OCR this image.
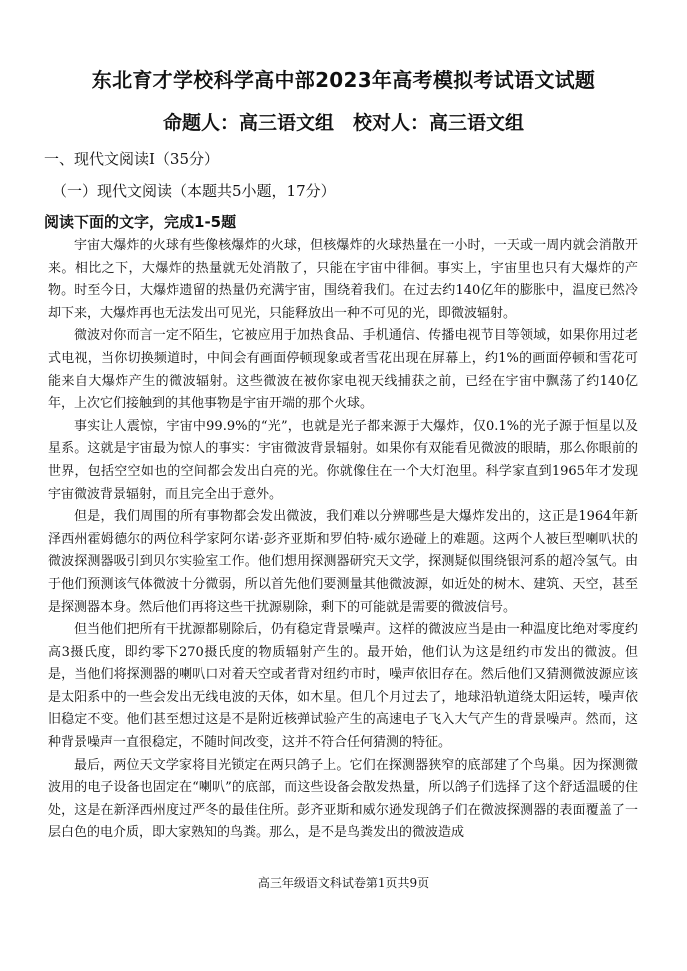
东北育才学校科学高中部2023年高考模拟考试语文试题
命题人：高三语文组　校对人：高三语文组
一、现代文阅读Ⅰ（35分）
（一）现代文阅读（本题共5小题，17分）
阅读下面的文字，完成1-5题

宇宙大爆炸的火球有些像核爆炸的火球，但核爆炸的火球热量在一小时，一天或一周内就会消散开来。相比之下，大爆炸的热量就无处消散了，只能在宇宙中徘徊。事实上，宇宙里也只有大爆炸的产物。时至今日，大爆炸遗留的热量仍充满宇宙，围绕着我们。在过去约140亿年的膨胀中，温度已然冷却下来，大爆炸再也无法发出可见光，只能释放出一种不可见的光，即微波辐射。

微波对你而言一定不陌生，它被应用于加热食品、手机通信、传播电视节目等领域，如果你用过老式电视，当你切换频道时，中间会有画面停顿现象或者雪花出现在屏幕上，约1%的画面停顿和雪花可能来自大爆炸产生的微波辐射。这些微波在被你家电视天线捕获之前，已经在宇宙中飘荡了约140亿年，上次它们接触到的其他事物是宇宙开端的那个火球。

事实让人震惊，宇宙中99.9%的“光”，也就是光子都来源于大爆炸，仅0.1%的光子源于恒星以及星系。这就是宇宙最为惊人的事实：宇宙微波背景辐射。如果你有双能看见微波的眼睛，那么你眼前的世界，包括空空如也的空间都会发出白亮的光。你就像住在一个大灯泡里。科学家直到1965年才发现宇宙微波背景辐射，而且完全出于意外。

但是，我们周围的所有事物都会发出微波，我们难以分辨哪些是大爆炸发出的，这正是1964年新泽西州霍姆德尔的两位科学家阿尔诺·彭齐亚斯和罗伯特·威尔逊碰上的难题。这两个人被巨型喇叭状的微波探测器吸引到贝尔实验室工作。他们想用探测器研究天文学，探测疑似围绕银河系的超冷氢气。由于他们预测该气体微波十分微弱，所以首先他们要测量其他微波源，如近处的树木、建筑、天空，甚至是探测器本身。然后他们再将这些干扰源剔除，剩下的可能就是需要的微波信号。

但当他们把所有干扰源都剔除后，仍有稳定背景噪声。这样的微波应当是由一种温度比绝对零度约高3摄氏度，即约零下270摄氏度的物质辐射产生的。最开始，他们认为这是纽约市发出的微波。但是，当他们将探测器的喇叭口对着天空或者背对纽约市时，噪声依旧存在。然后他们又猜测微波源应该是太阳系中的一些会发出无线电波的天体，如木星。但几个月过去了，地球沿轨道绕太阳运转，噪声依旧稳定不变。他们甚至想过这是不是附近核弹试验产生的高速电子飞入大气产生的背景噪声。然而，这种背景噪声一直很稳定，不随时间改变，这并不符合任何猜测的特征。

最后，两位天文学家将目光锁定在两只鸽子上。它们在探测器狭窄的底部建了个鸟巢。因为探测微波用的电子设备也固定在“喇叭”的底部，而这些设备会散发热量，所以鸽子们选择了这个舒适温暖的住处，这是在新泽西州度过严冬的最佳住所。彭齐亚斯和威尔逊发现鸽子们在微波探测器的表面覆盖了一层白色的电介质，即大家熟知的鸟粪。那么，是不是鸟粪发出的微波造成

高三年级语文科试卷第1页共9页
